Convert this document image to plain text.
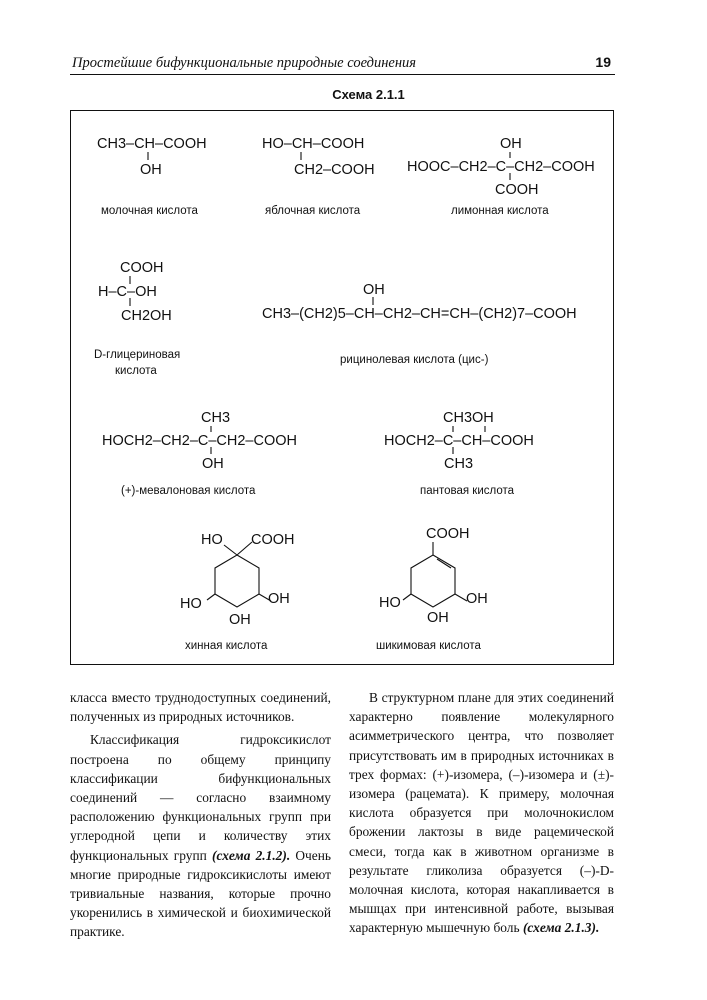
Простейшие бифункциональные природные соединения	19
Схема 2.1.1
CH3–CH–COOH
OH
молочная кислота
HO–CH–COOH
CH2–COOH
яблочная кислота
OH
HOOC–CH2–C–CH2–COOH
COOH
лимонная кислота
COOH
H–C–OH
CH2OH
D-глицериновая
кислота
OH
CH3–(CH2)5–CH–CH2–CH=CH–(CH2)7–COOH
рицинолевая кислота (цис-)
CH3
HOCH2–CH2–C–CH2–COOH
OH
(+)-мевалоновая кислота
CH3OH
HOCH2–C–CH–COOH
CH3
пантовая кислота
HO COOH
HO	OH
OH
хинная кислота
COOH
HO	OH
OH
шикимовая кислота

класса вместо труднодоступных соединений, полученных из природных источников.

Классификация гидроксикислот построена по общему принципу классификации бифункциональных соединений — согласно взаимному расположению функциональных групп при углеродной цепи и количеству этих функциональных групп (схема 2.1.2). Очень многие природные гидроксикислоты имеют тривиальные названия, которые прочно укоренились в химической и биохимической практике.

В структурном плане для этих соединений характерно появление молекулярного асимметрического центра, что позволяет присутствовать им в природных источниках в трех формах: (+)-изомера, (–)-изомера и (±)-изомера (рацемата). К примеру, молочная кислота образуется при молочнокислом брожении лактозы в виде рацемической смеси, тогда как в животном организме в результате гликолиза образуется (–)-D-молочная кислота, которая накапливается в мышцах при интенсивной работе, вызывая характерную мышечную боль (схема 2.1.3).
